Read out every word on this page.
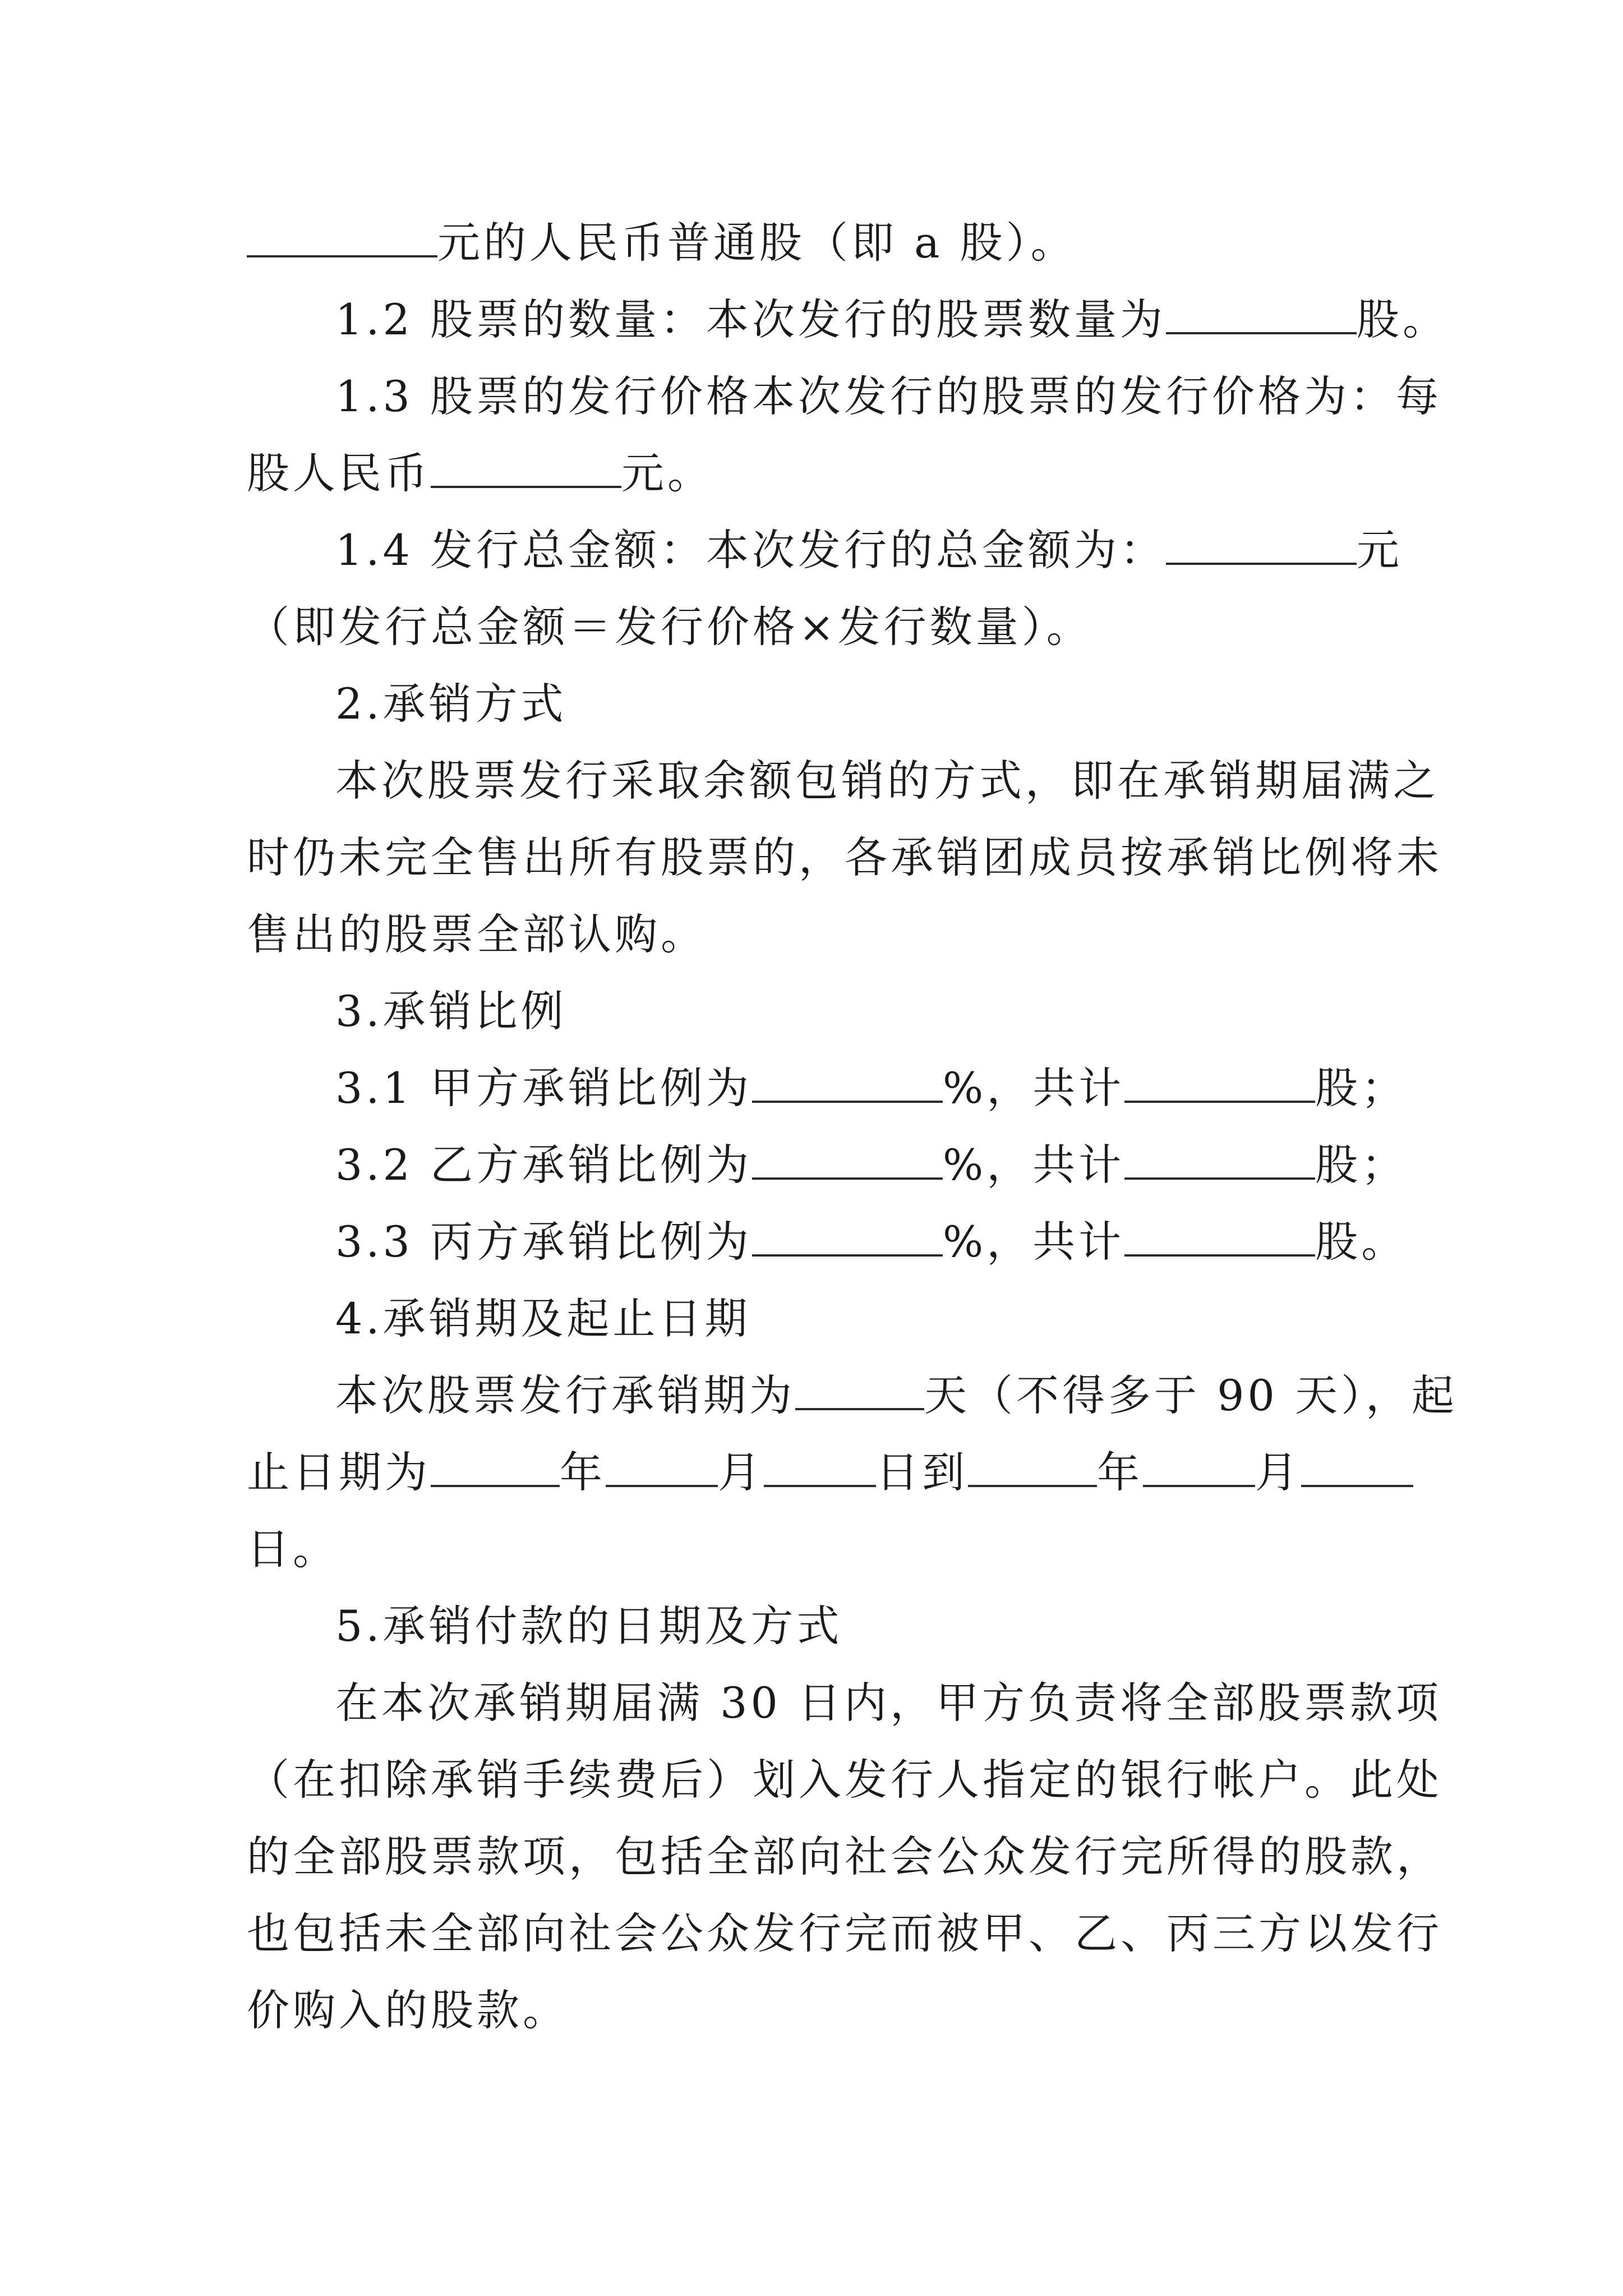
元的人民币普通股（即 a 股）。
1.2 股票的数量：本次发行的股票数量为	股。
1.3 股票的发行价格本次发行的股票的发行价格为：每
股人民币	元。
1.4 发行总金额：本次发行的总金额为：	元
（即发行总金额＝发行价格×发行数量）。
2.承销方式
本次股票发行采取余额包销的方式，即在承销期届满之
时仍未完全售出所有股票的，各承销团成员按承销比例将未
售出的股票全部认购。
3.承销比例
3.1 甲方承销比例为	%，共计	股；
3.2 乙方承销比例为	%，共计	股；
3.3 丙方承销比例为	%，共计	股。
4.承销期及起止日期
本次股票发行承销期为	天（不得多于 90 天），起
止日期为	年	月	日到	年	月
日。
5.承销付款的日期及方式
在本次承销期届满 30 日内，甲方负责将全部股票款项
（在扣除承销手续费后）划入发行人指定的银行帐户。此处
的全部股票款项，包括全部向社会公众发行完所得的股款，
也包括未全部向社会公众发行完而被甲、乙、丙三方以发行
价购入的股款。
